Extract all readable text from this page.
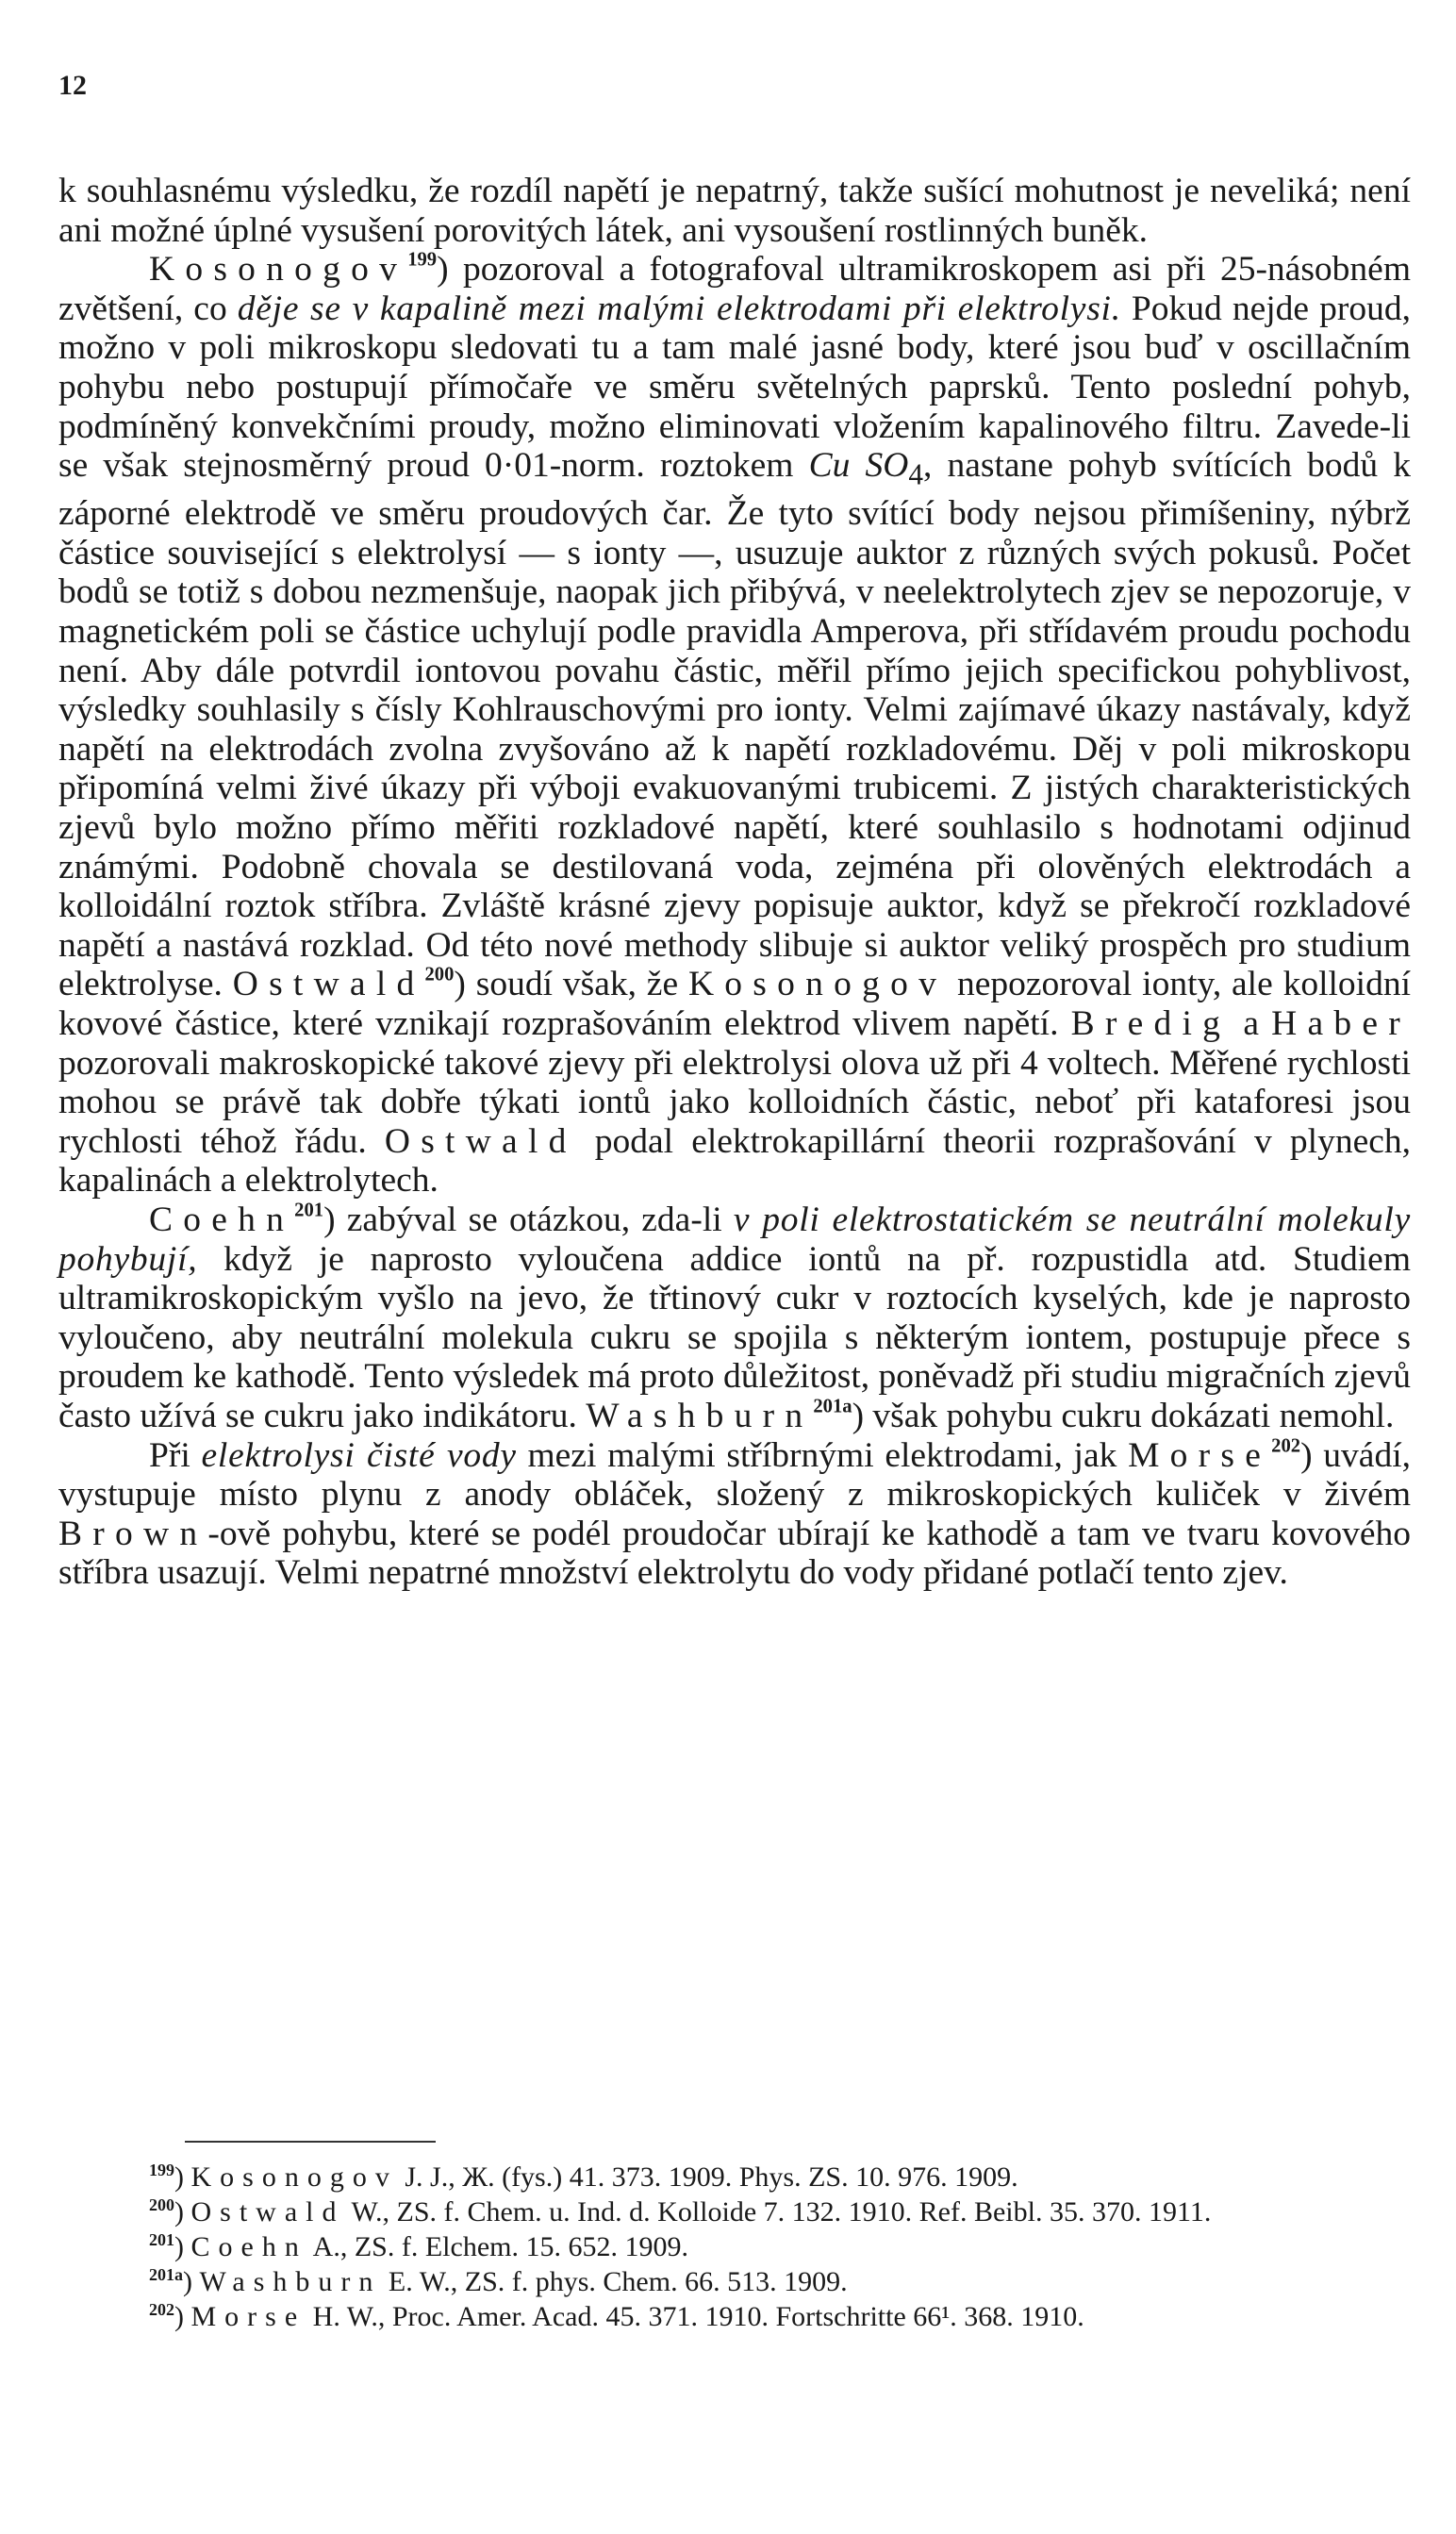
12

k souhlasnému výsledku, že rozdíl napětí je nepatrný, takže sušící mohutnost je neveliká; není ani možné úplné vysušení porovitých látek, ani vysoušení rostlinných buněk.

Kosonogov$^{199}$) pozoroval a fotografoval ultramikroskopem asi při 25-násobném zvětšení, co děje se v kapalině mezi malými elektrodami při elektrolysi. Pokud nejde proud, možno v poli mikroskopu sledovati tu a tam malé jasné body, které jsou buď v oscillačním pohybu nebo postupují přímočaře ve směru světelných paprsků. Tento poslední pohyb, podmíněný konvekčními proudy, možno eliminovati vložením kapalinového filtru. Zavede-li se však stejnosměrný proud 0·01-norm. roztokem Cu $SO_4$, nastane pohyb svítících bodů k záporné elektrodě ve směru proudových čar. Že tyto svítící body nejsou přimíšeniny, nýbrž částice související s elektrolysí — s ionty —, usuzuje auktor z různých svých pokusů. Počet bodů se totiž s dobou nezmenšuje, naopak jich přibývá, v neelektrolytech zjev se nepozoruje, v magnetickém poli se částice uchylují podle pravidla Amperova, při střídavém proudu pochodu není. Aby dále potvrdil iontovou povahu částic, měřil přímo jejich specifickou pohyblivost, výsledky souhlasily s čísly Kohlrauschovými pro ionty. Velmi zajímavé úkazy nastávaly, když napětí na elektrodách zvolna zvyšováno až k napětí rozkladovému. Děj v poli mikroskopu připomíná velmi živé úkazy při výboji evakuovanými trubicemi. Z jistých charakteristických zjevů bylo možno přímo měřiti rozkladové napětí, které souhlasilo s hodnotami odjinud známými. Podobně chovala se destilovaná voda, zejména při olověných elektrodách a kolloidální roztok stříbra. Zvláště krásné zjevy popisuje auktor, když se překročí rozkladové napětí a nastává rozklad. Od této nové methody slibuje si auktor veliký prospěch pro studium elektrolyse. Ostwald$^{200}$) soudí však, že Kosonogov nepozoroval ionty, ale kolloidní kovové částice, které vznikají rozprašováním elektrod vlivem napětí. Bredig a Haber pozorovali makroskopické takové zjevy při elektrolysi olova už při 4 voltech. Měřené rychlosti mohou se právě tak dobře týkati iontů jako kolloidních částic, neboť při kataforesi jsou rychlosti téhož řádu. Ostwald podal elektrokapillární theorii rozprašování v plynech, kapalinách a elektrolytech.

Coehn$^{201}$) zabýval se otázkou, zda-li v poli elektrostatickém se neutrální molekuly pohybují, když je naprosto vyloučena addice iontů na př. rozpustidla atd. Studiem ultramikroskopickým vyšlo na jevo, že třtinový cukr v roztocích kyselých, kde je naprosto vyloučeno, aby neutrální molekula cukru se spojila s některým iontem, postupuje přece s proudem ke kathodě. Tento výsledek má proto důležitost, poněvadž při studiu migračních zjevů často užívá se cukru jako indikátoru. Washburn$^{201a}$) však pohybu cukru dokázati nemohl.

Při elektrolysi čisté vody mezi malými stříbrnými elektrodami, jak Morse$^{202}$) uvádí, vystupuje místo plynu z anody obláček, složený z mikroskopických kuliček v živém Brown-ově pohybu, které se podél proudočar ubírají ke kathodě a tam ve tvaru kovového stříbra usazují. Velmi nepatrné množství elektrolytu do vody přidané potlačí tento zjev.

$^{199}$) Kosonogov J. J., Ж. (fys.) 41. 373. 1909. Phys. ZS. 10. 976. 1909.

$^{200}$) Ostwald W., ZS. f. Chem. u. Ind. d. Kolloide 7. 132. 1910. Ref. Beibl. 35. 370. 1911.

$^{201}$) Coehn A., ZS. f. Elchem. 15. 652. 1909.

$^{201a}$) Washburn E. W., ZS. f. phys. Chem. 66. 513. 1909.

$^{202}$) Morse H. W., Proc. Amer. Acad. 45. 371. 1910. Fortschritte 66¹. 368. 1910.
